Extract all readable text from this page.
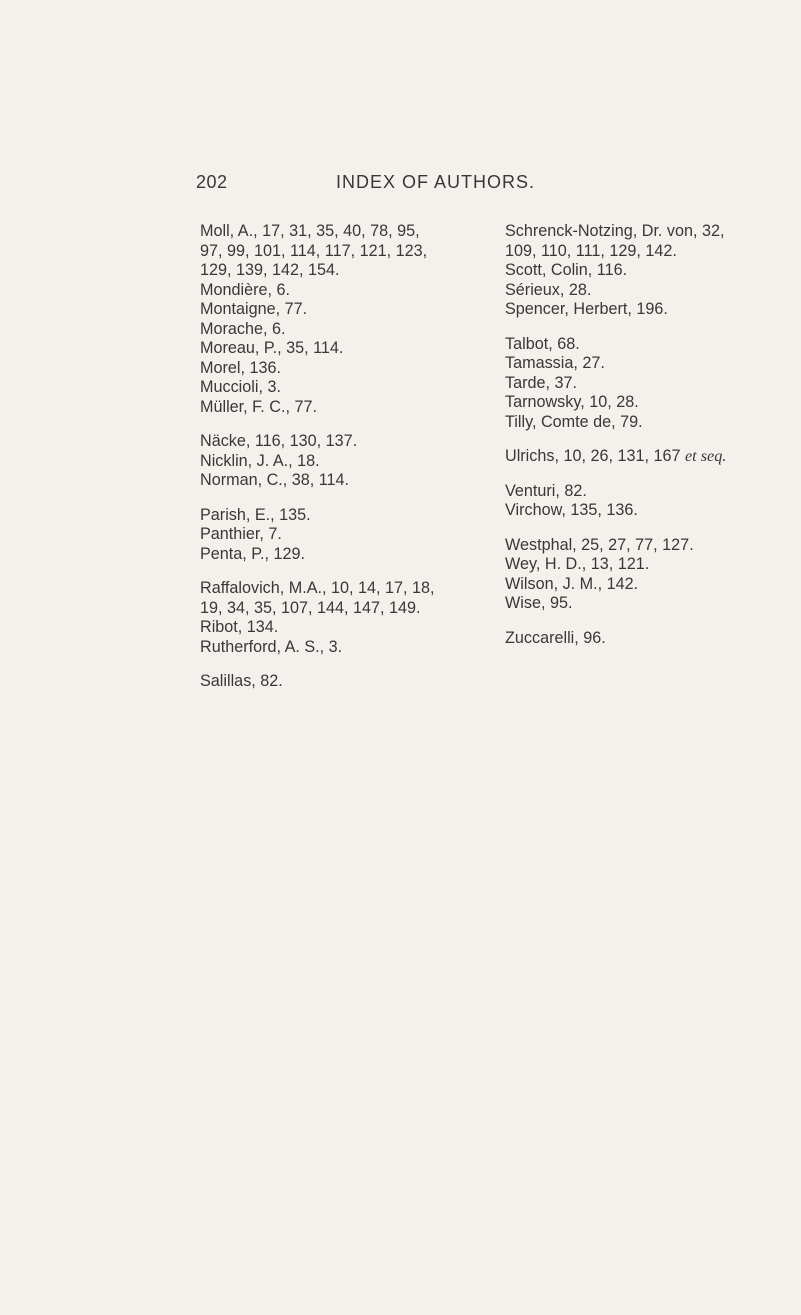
202	INDEX OF AUTHORS.
Moll, A., 17, 31, 35, 40, 78, 95,
97, 99, 101, 114, 117, 121, 123,
129, 139, 142, 154.
Mondière, 6.
Montaigne, 77.
Morache, 6.
Moreau, P., 35, 114.
Morel, 136.
Muccioli, 3.
Müller, F. C., 77.
Näcke, 116, 130, 137.
Nicklin, J. A., 18.
Norman, C., 38, 114.
Parish, E., 135.
Panthier, 7.
Penta, P., 129.
Raffalovich, M.A., 10, 14, 17, 18,
19, 34, 35, 107, 144, 147, 149.
Ribot, 134.
Rutherford, A. S., 3.
Salillas, 82.
Schrenck-Notzing, Dr. von, 32,
109, 110, 111, 129, 142.
Scott, Colin, 116.
Sérieux, 28.
Spencer, Herbert, 196.
Talbot, 68.
Tamassia, 27.
Tarde, 37.
Tarnowsky, 10, 28.
Tilly, Comte de, 79.
Ulrichs, 10, 26, 131, 167 et seq.
Venturi, 82.
Virchow, 135, 136.
Westphal, 25, 27, 77, 127.
Wey, H. D., 13, 121.
Wilson, J. M., 142.
Wise, 95.
Zuccarelli, 96.
